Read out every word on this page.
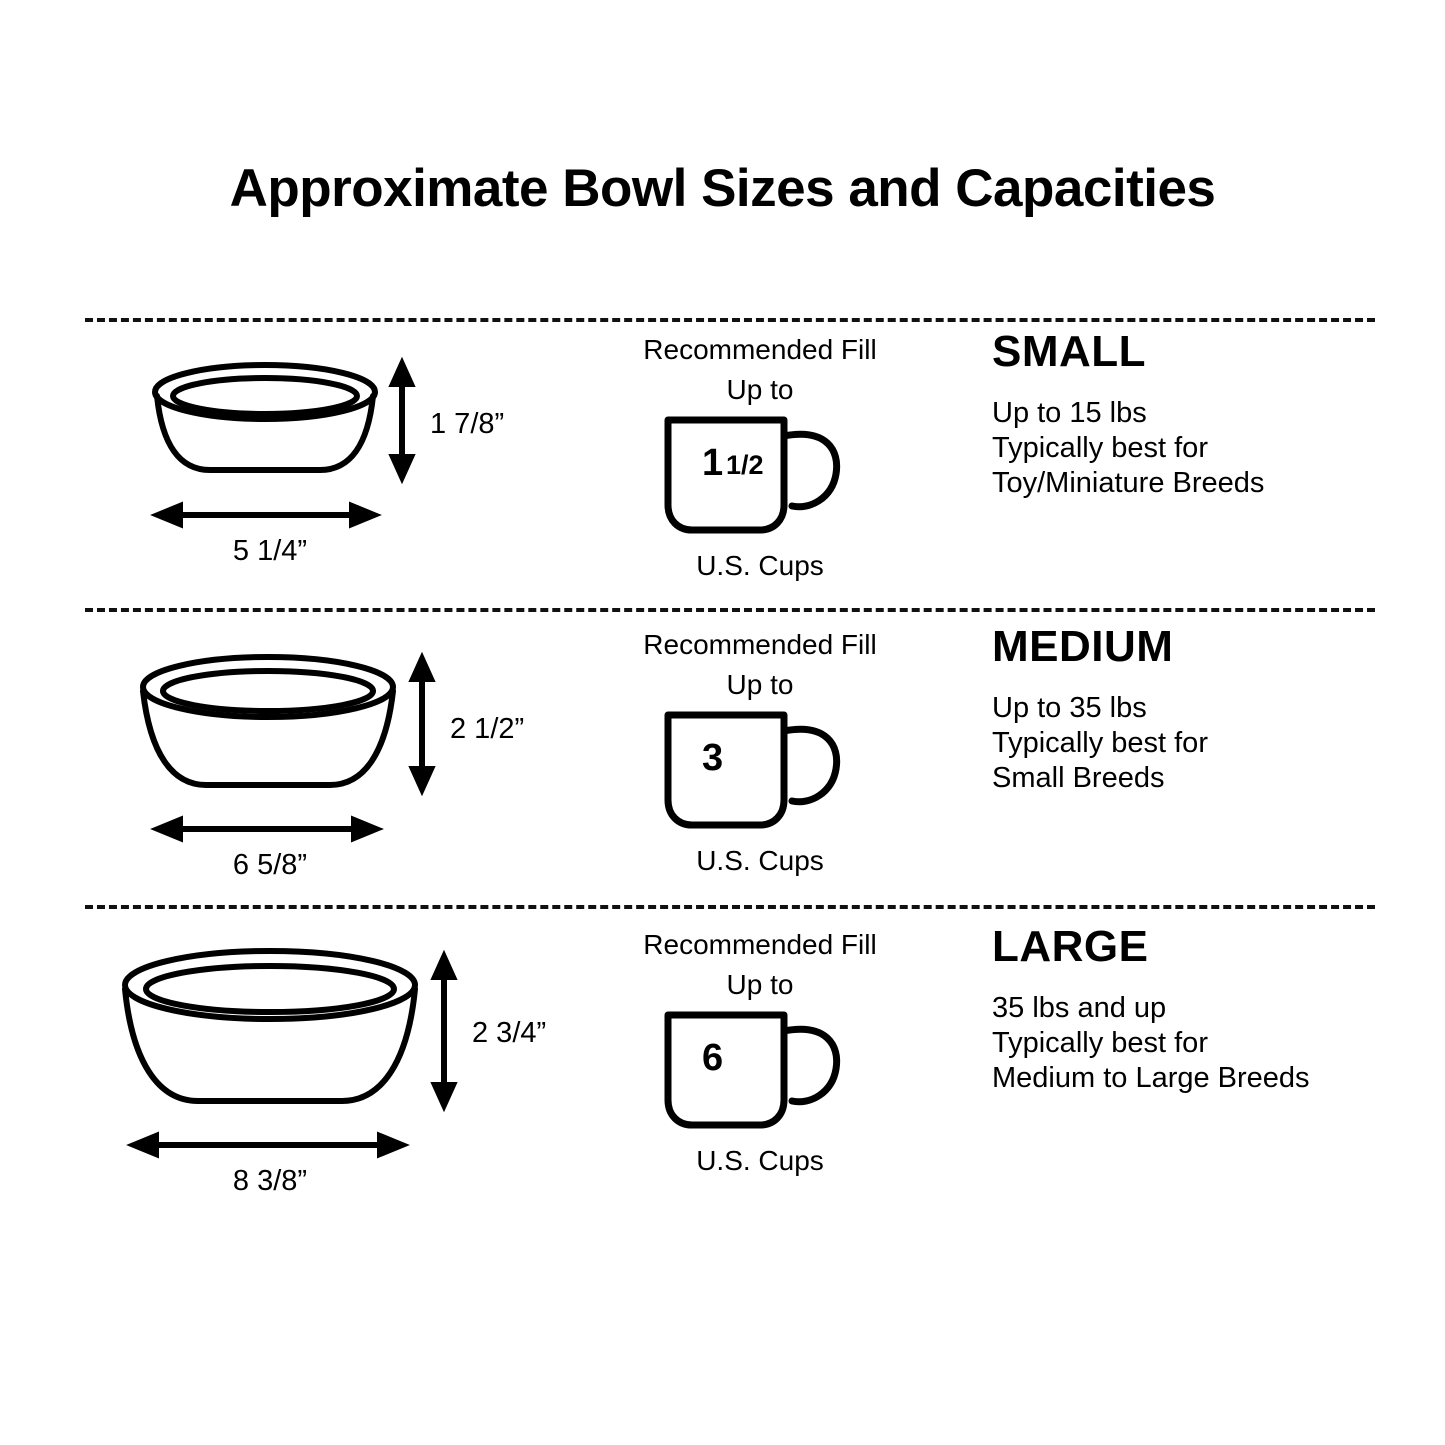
Approximate Bowl Sizes and Capacities
1 7/8”
5 1/4”
Recommended Fill
Up to
1 1/2
U.S. Cups
SMALL
Up to 15 lbs
Typically best for
Toy/Miniature Breeds
2 1/2”
6 5/8”
Recommended Fill
Up to
3
U.S. Cups
MEDIUM
Up to 35 lbs
Typically best for
Small Breeds
2 3/4”
8 3/8”
Recommended Fill
Up to
6
U.S. Cups
LARGE
35 lbs and up
Typically best for
Medium to Large Breeds
